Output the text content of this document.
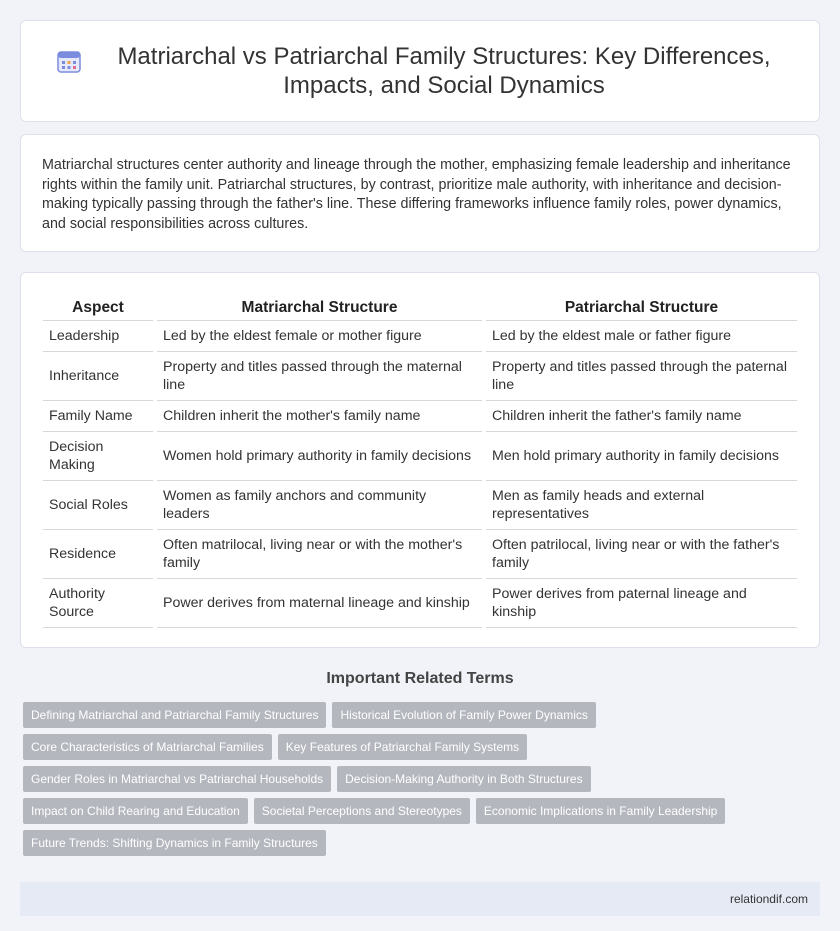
Matriarchal vs Patriarchal Family Structures: Key Differences, Impacts, and Social Dynamics

Matriarchal structures center authority and lineage through the mother, emphasizing female leadership and inheritance rights within the family unit. Patriarchal structures, by contrast, prioritize male authority, with inheritance and decision-making typically passing through the father's line. These differing frameworks influence family roles, power dynamics, and social responsibilities across cultures.

Aspect	Matriarchal Structure	Patriarchal Structure
Leadership	Led by the eldest female or mother figure	Led by the eldest male or father figure
Inheritance	Property and titles passed through the maternal line	Property and titles passed through the paternal line
Family Name	Children inherit the mother's family name	Children inherit the father's family name
Decision Making	Women hold primary authority in family decisions	Men hold primary authority in family decisions
Social Roles	Women as family anchors and community leaders	Men as family heads and external representatives
Residence	Often matrilocal, living near or with the mother's family	Often patrilocal, living near or with the father's family
Authority Source	Power derives from maternal lineage and kinship	Power derives from paternal lineage and kinship
Important Related Terms
Defining Matriarchal and Patriarchal Family Structures	Historical Evolution of Family Power Dynamics
Core Characteristics of Matriarchal Families	Key Features of Patriarchal Family Systems
Gender Roles in Matriarchal vs Patriarchal Households	Decision-Making Authority in Both Structures
Impact on Child Rearing and Education	Societal Perceptions and Stereotypes	Economic Implications in Family Leadership
Future Trends: Shifting Dynamics in Family Structures
relationdif.com
